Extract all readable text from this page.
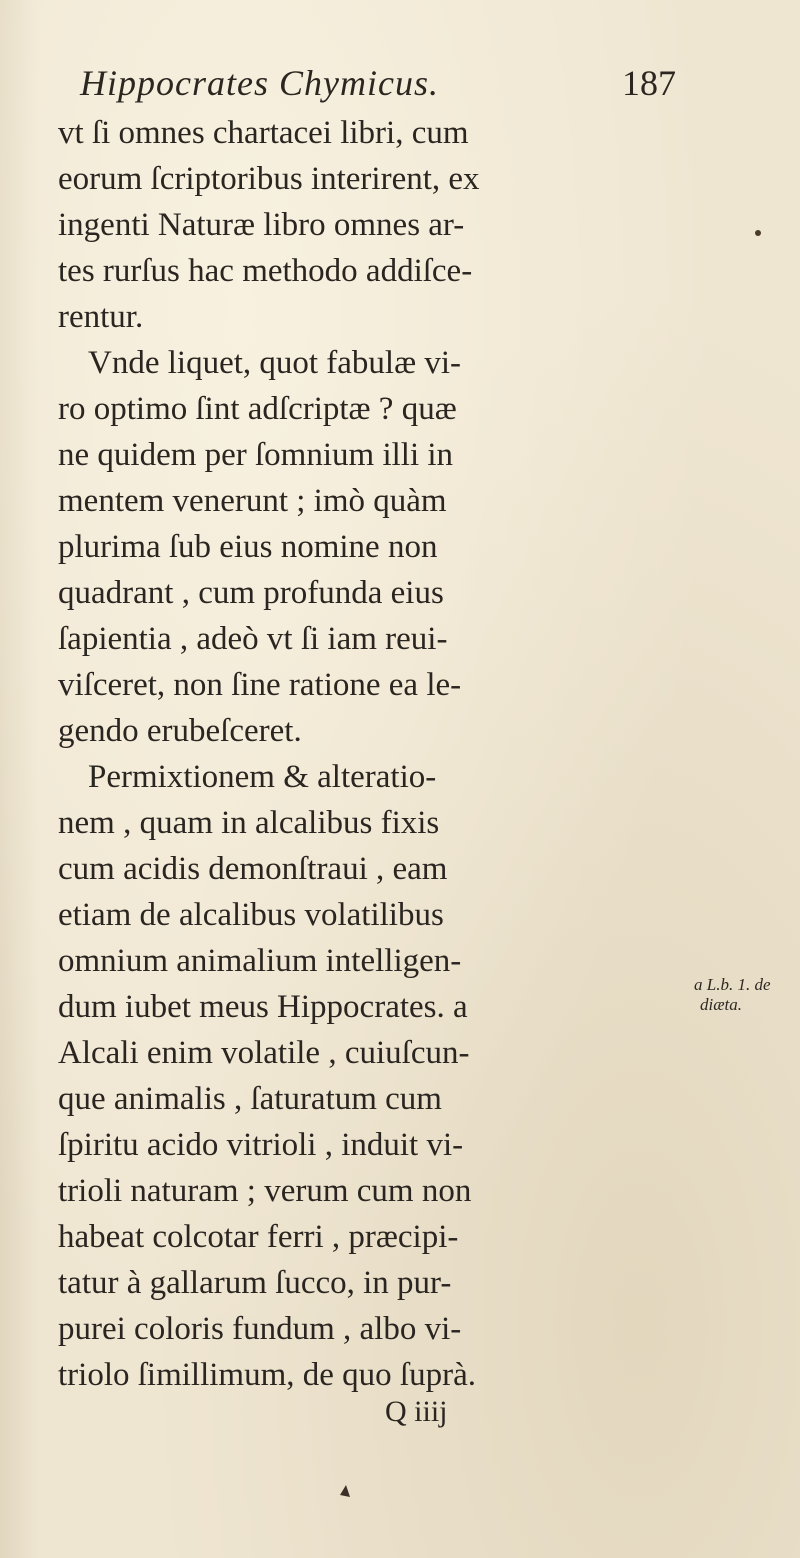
Hippocrates Chymicus.	187
vt ſi omnes chartacei libri, cum
eorum ſcriptoribus interirent, ex
ingenti Naturæ libro omnes ar-
tes rurſus hac methodo addiſce-
rentur.
Vnde liquet, quot fabulæ vi-
ro optimo ſint adſcriptæ ? quæ
ne quidem per ſomnium illi in
mentem venerunt ; imò quàm
plurima ſub eius nomine non
quadrant , cum profunda eius
ſapientia , adeò vt ſi iam reui-
viſceret, non ſine ratione ea le-
gendo erubeſceret.
Permixtionem & alteratio-
nem , quam in alcalibus fixis
cum acidis demonſtraui , eam
etiam de alcalibus volatilibus
omnium animalium intelligen-
dum iubet meus Hippocrates. a
Alcali enim volatile , cuiuſcun-
que animalis , ſaturatum cum
ſpiritu acido vitrioli , induit vi-
trioli naturam ; verum cum non
habeat colcotar ferri , præcipi-
tatur à gallarum ſucco, in pur-
purei coloris fundum , albo vi-
triolo ſimillimum, de quo ſuprà.
a L.b. 1. de
diæta.
Q iiij
